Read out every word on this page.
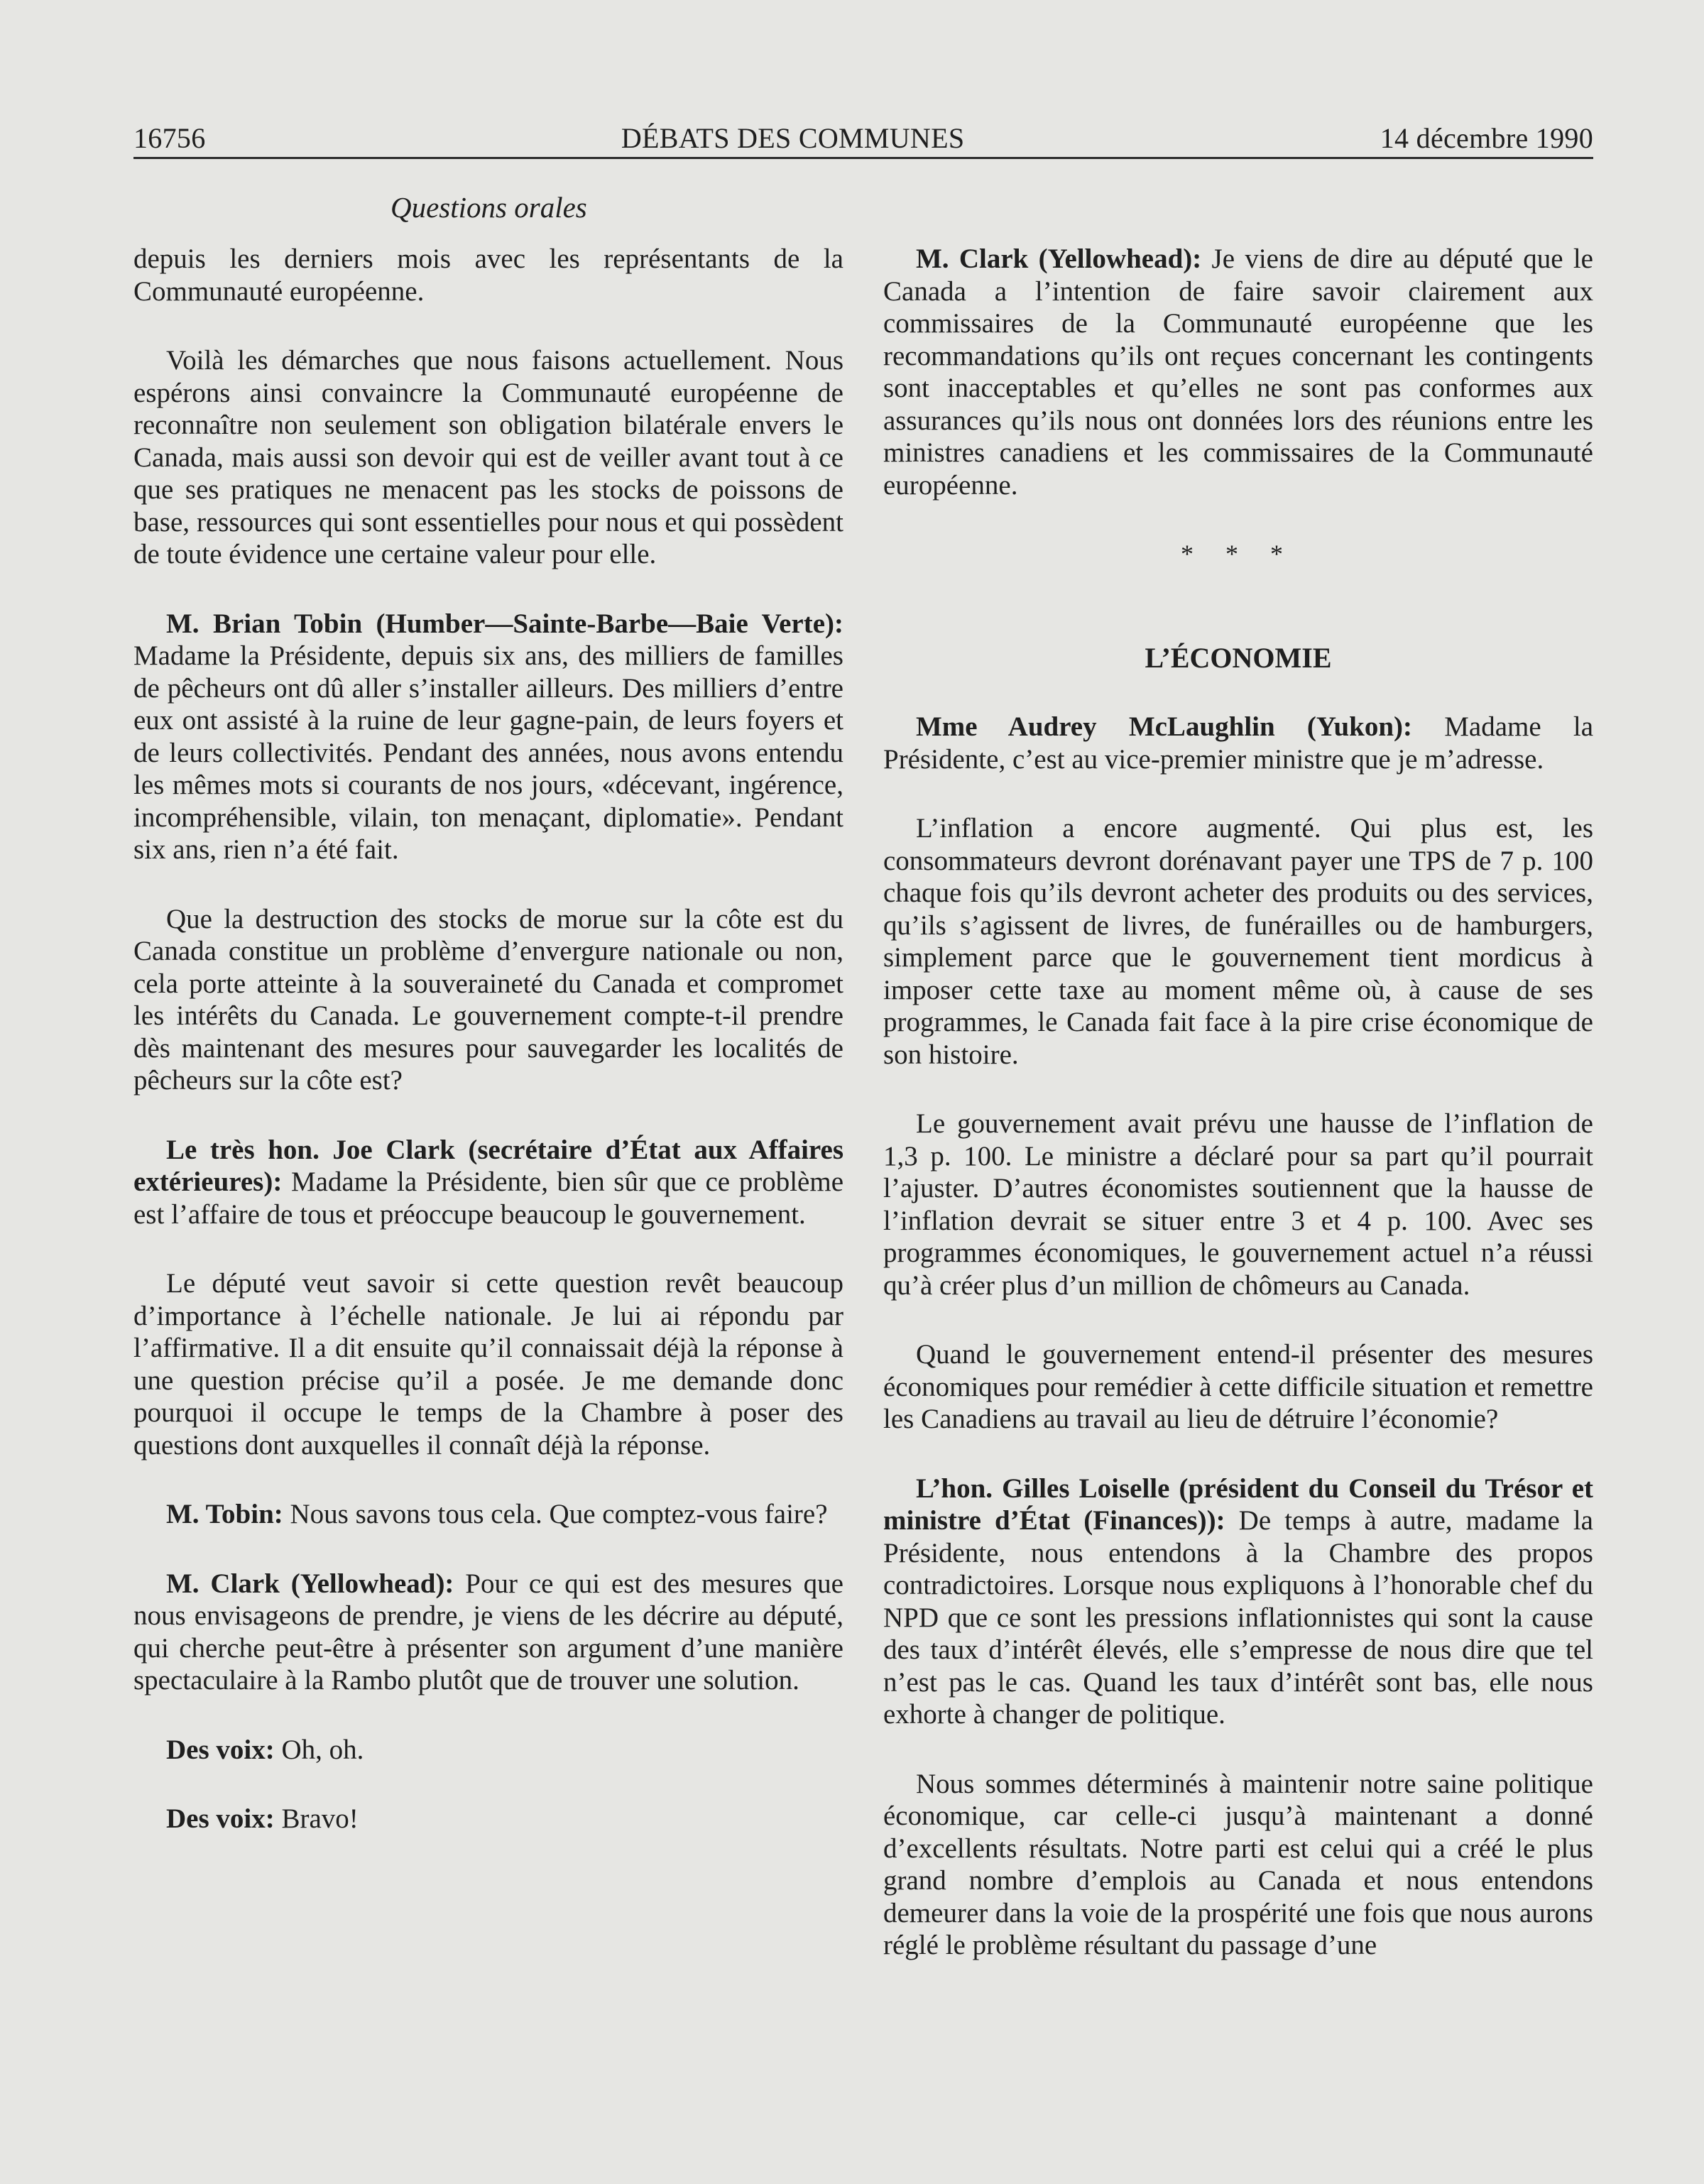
16756	DÉBATS DES COMMUNES	14 décembre 1990
Questions orales

depuis les derniers mois avec les représentants de la Communauté européenne.

Voilà les démarches que nous faisons actuellement. Nous espérons ainsi convaincre la Communauté européenne de reconnaître non seulement son obligation bilatérale envers le Canada, mais aussi son devoir qui est de veiller avant tout à ce que ses pratiques ne menacent pas les stocks de poissons de base, ressources qui sont essentielles pour nous et qui possèdent de toute évidence une certaine valeur pour elle.

M. Brian Tobin (Humber—Sainte-Barbe—Baie Verte): Madame la Présidente, depuis six ans, des milliers de familles de pêcheurs ont dû aller s’installer ailleurs. Des milliers d’entre eux ont assisté à la ruine de leur gagne-pain, de leurs foyers et de leurs collectivités. Pendant des années, nous avons entendu les mêmes mots si courants de nos jours, «décevant, ingérence, incompréhensible, vilain, ton menaçant, diplomatie». Pendant six ans, rien n’a été fait.

Que la destruction des stocks de morue sur la côte est du Canada constitue un problème d’envergure nationale ou non, cela porte atteinte à la souveraineté du Canada et compromet les intérêts du Canada. Le gouvernement compte-t-il prendre dès maintenant des mesures pour sauvegarder les localités de pêcheurs sur la côte est?

Le très hon. Joe Clark (secrétaire d’État aux Affaires extérieures): Madame la Présidente, bien sûr que ce problème est l’affaire de tous et préoccupe beaucoup le gouvernement.

Le député veut savoir si cette question revêt beaucoup d’importance à l’échelle nationale. Je lui ai répondu par l’affirmative. Il a dit ensuite qu’il connaissait déjà la réponse à une question précise qu’il a posée. Je me demande donc pourquoi il occupe le temps de la Chambre à poser des questions dont auxquelles il connaît déjà la réponse.

M. Tobin: Nous savons tous cela. Que comptez-vous faire?

M. Clark (Yellowhead): Pour ce qui est des mesures que nous envisageons de prendre, je viens de les décrire au député, qui cherche peut-être à présenter son argument d’une manière spectaculaire à la Rambo plutôt que de trouver une solution.

Des voix: Oh, oh.

Des voix: Bravo!

M. Clark (Yellowhead): Je viens de dire au député que le Canada a l’intention de faire savoir clairement aux commissaires de la Communauté européenne que les recommandations qu’ils ont reçues concernant les contingents sont inacceptables et qu’elles ne sont pas conformes aux assurances qu’ils nous ont données lors des réunions entre les ministres canadiens et les commissaires de la Communauté européenne.

* * *
L’ÉCONOMIE

Mme Audrey McLaughlin (Yukon): Madame la Présidente, c’est au vice-premier ministre que je m’adresse.

L’inflation a encore augmenté. Qui plus est, les consommateurs devront dorénavant payer une TPS de 7 p. 100 chaque fois qu’ils devront acheter des produits ou des services, qu’ils s’agissent de livres, de funérailles ou de hamburgers, simplement parce que le gouvernement tient mordicus à imposer cette taxe au moment même où, à cause de ses programmes, le Canada fait face à la pire crise économique de son histoire.

Le gouvernement avait prévu une hausse de l’inflation de 1,3 p. 100. Le ministre a déclaré pour sa part qu’il pourrait l’ajuster. D’autres économistes soutiennent que la hausse de l’inflation devrait se situer entre 3 et 4 p. 100. Avec ses programmes économiques, le gouvernement actuel n’a réussi qu’à créer plus d’un million de chômeurs au Canada.

Quand le gouvernement entend-il présenter des mesures économiques pour remédier à cette difficile situation et remettre les Canadiens au travail au lieu de détruire l’économie?

L’hon. Gilles Loiselle (président du Conseil du Trésor et ministre d’État (Finances)): De temps à autre, madame la Présidente, nous entendons à la Chambre des propos contradictoires. Lorsque nous expliquons à l’honorable chef du NPD que ce sont les pressions inflationnistes qui sont la cause des taux d’intérêt élevés, elle s’empresse de nous dire que tel n’est pas le cas. Quand les taux d’intérêt sont bas, elle nous exhorte à changer de politique.

Nous sommes déterminés à maintenir notre saine politique économique, car celle-ci jusqu’à maintenant a donné d’excellents résultats. Notre parti est celui qui a créé le plus grand nombre d’emplois au Canada et nous entendons demeurer dans la voie de la prospérité une fois que nous aurons réglé le problème résultant du passage d’une
